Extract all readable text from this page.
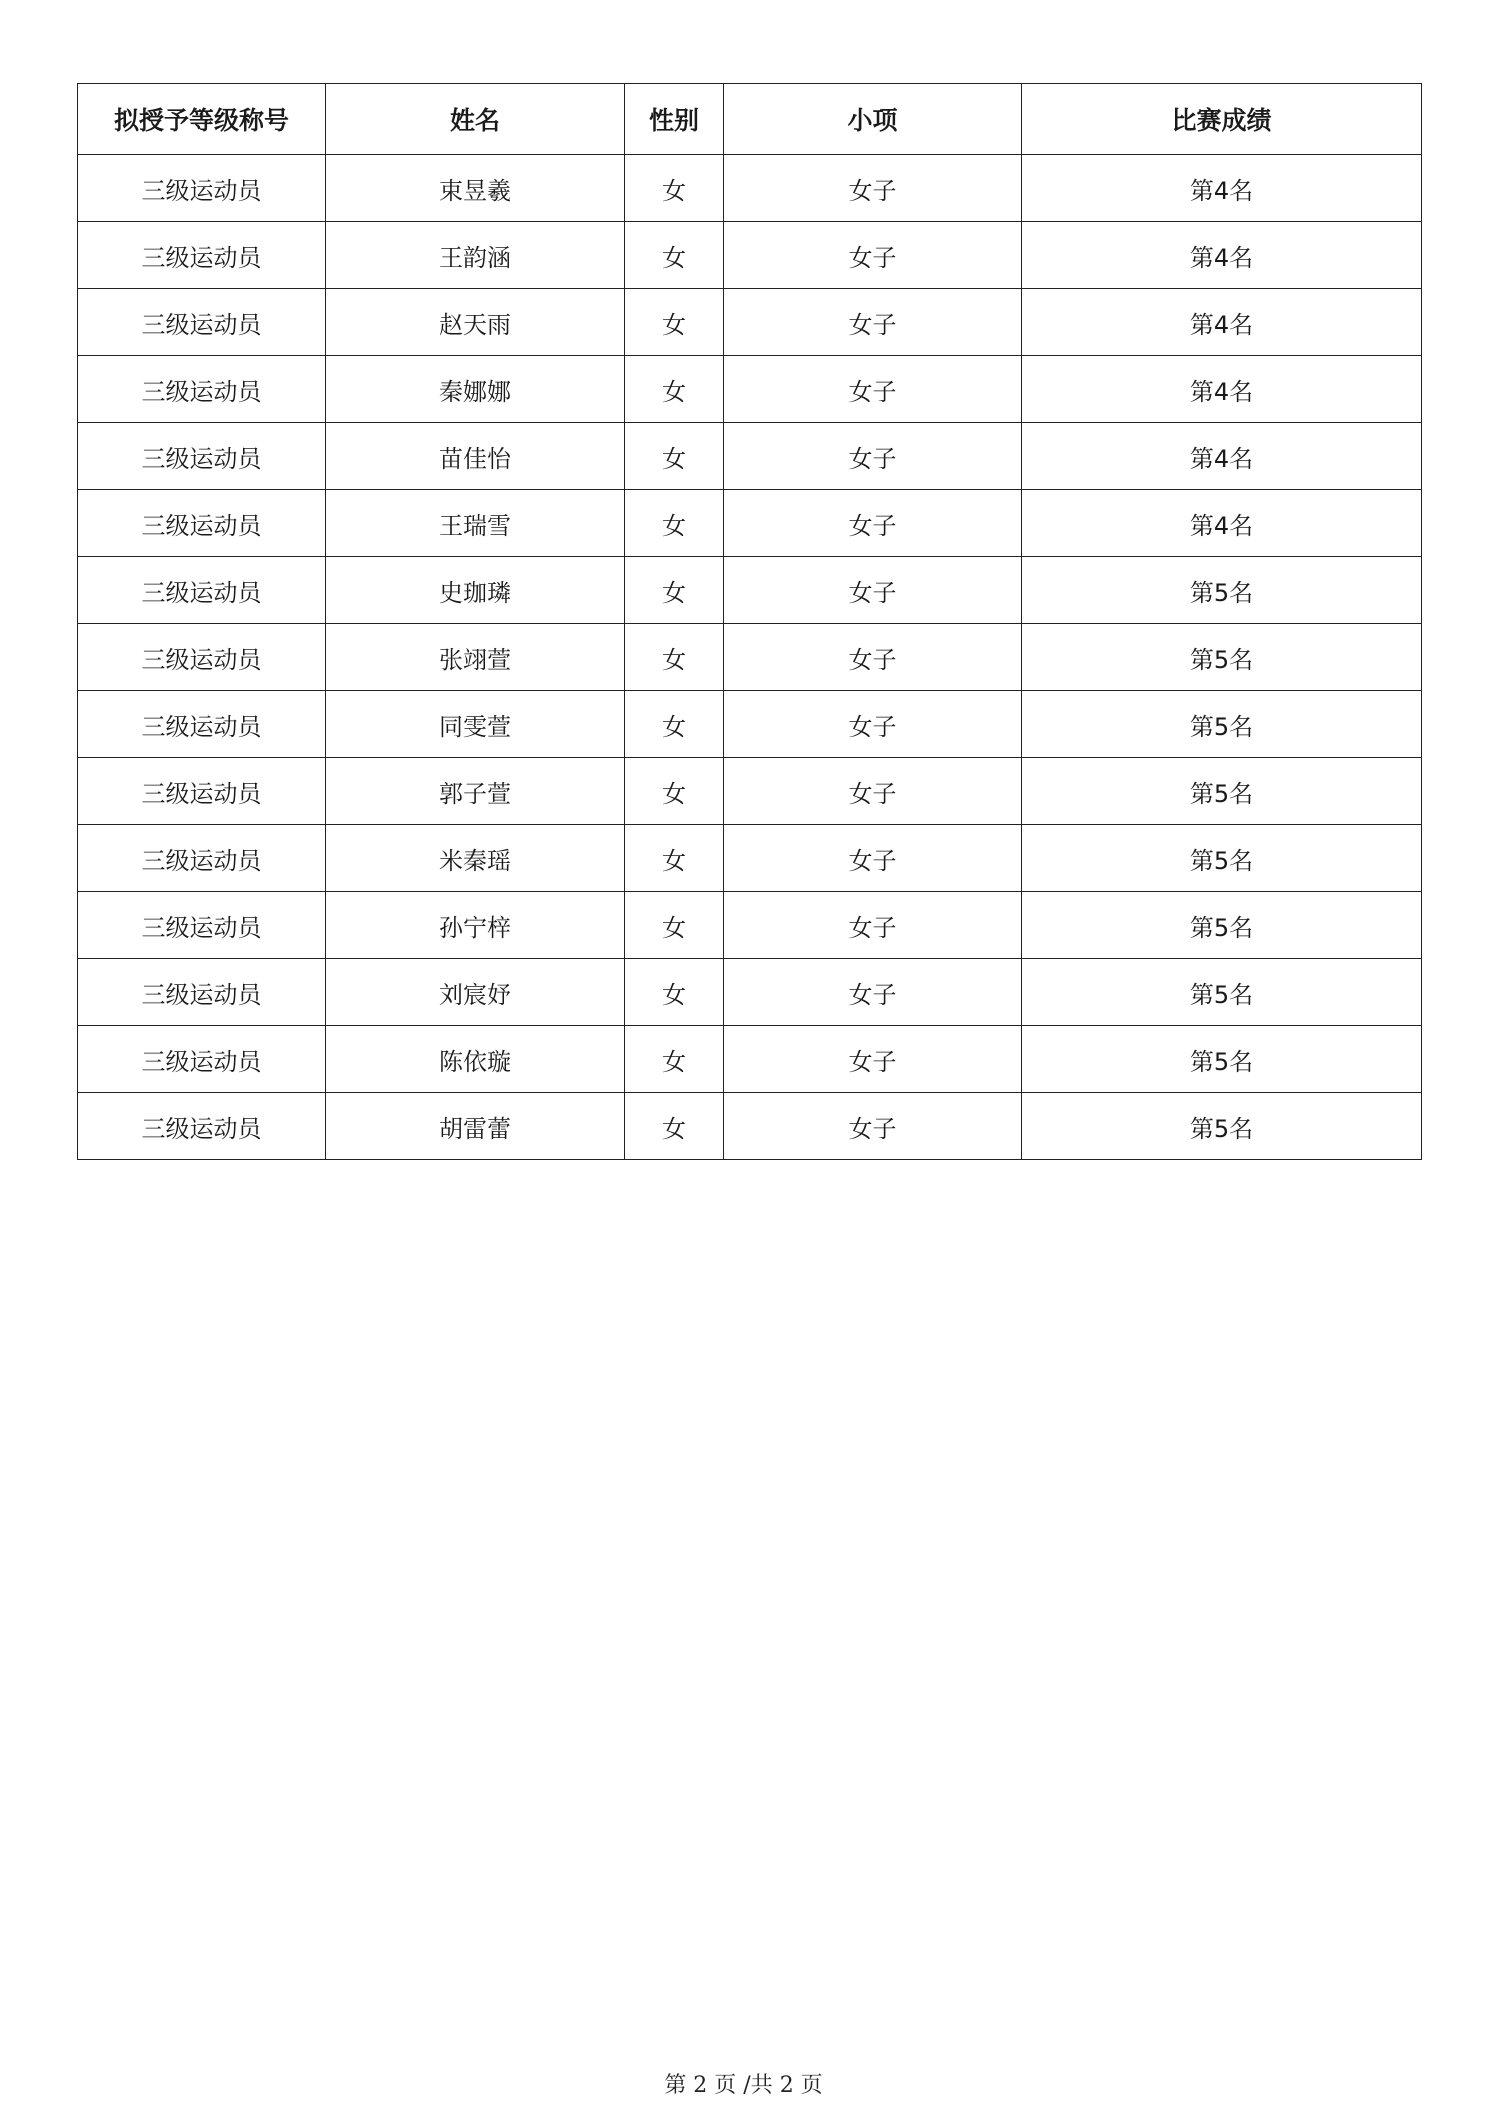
拟授予等级称号	姓名	性别	小项	比赛成绩
三级运动员	束昱羲	女	女子	第4名
三级运动员	王韵涵	女	女子	第4名
三级运动员	赵天雨	女	女子	第4名
三级运动员	秦娜娜	女	女子	第4名
三级运动员	苗佳怡	女	女子	第4名
三级运动员	王瑞雪	女	女子	第4名
三级运动员	史珈璘	女	女子	第5名
三级运动员	张翊萱	女	女子	第5名
三级运动员	同雯萱	女	女子	第5名
三级运动员	郭子萱	女	女子	第5名
三级运动员	米秦瑶	女	女子	第5名
三级运动员	孙宁梓	女	女子	第5名
三级运动员	刘宸妤	女	女子	第5名
三级运动员	陈依璇	女	女子	第5名
三级运动员	胡雷蕾	女	女子	第5名
第 2 页 /共 2 页
